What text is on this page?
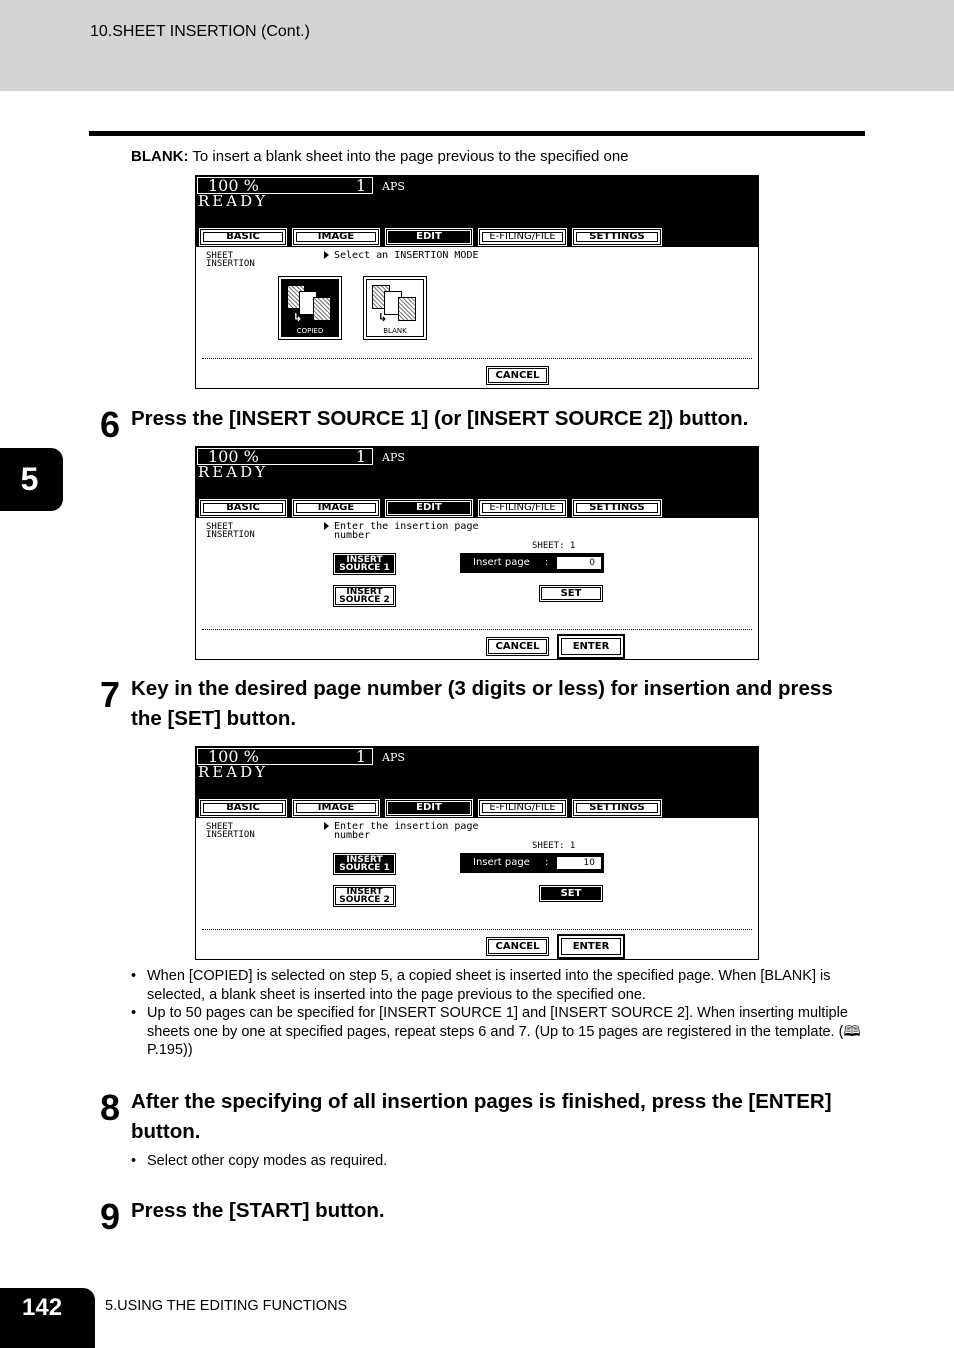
10.SHEET INSERTION (Cont.)
5
BLANK: To insert a blank sheet into the page previous to the specified one
100 %	1 APS
READY
BASIC	IMAGE	EDIT	E-FILING/FILE	SETTINGS
SHEET
INSERTION
Select an INSERTION MODE
↳
COPIED
↳
BLANK
CANCEL
6 Press the [INSERT SOURCE 1] (or [INSERT SOURCE 2]) button.
100 %	1 APS
READY
BASIC	IMAGE	EDIT	E-FILING/FILE	SETTINGS
SHEET
INSERTION
Enter the insertion page
number
INSERT
SOURCE 1
INSERT
SOURCE 2
SHEET: 1
Insert page :	0
SET
CANCEL	ENTER
7 Key in the desired page number (3 digits or less) for insertion and press the [SET] button.
100 %	1 APS
READY
BASIC	IMAGE	EDIT	E-FILING/FILE	SETTINGS
SHEET
INSERTION
Enter the insertion page
number
INSERT
SOURCE 1
INSERT
SOURCE 2
SHEET: 1
Insert page :	10
SET
CANCEL	ENTER
• When [COPIED] is selected on step 5, a copied sheet is inserted into the specified page. When [BLANK] is selected, a blank sheet is inserted into the page previous to the specified one.
• Up to 50 pages can be specified for [INSERT SOURCE 1] and [INSERT SOURCE 2]. When inserting multiple sheets one by one at specified pages, repeat steps 6 and 7. (Up to 15 pages are registered in the template. (🕮 P.195))
8 After the specifying of all insertion pages is finished, press the [ENTER] button.
• Select other copy modes as required.
9 Press the [START] button.
142	5.USING THE EDITING FUNCTIONS
